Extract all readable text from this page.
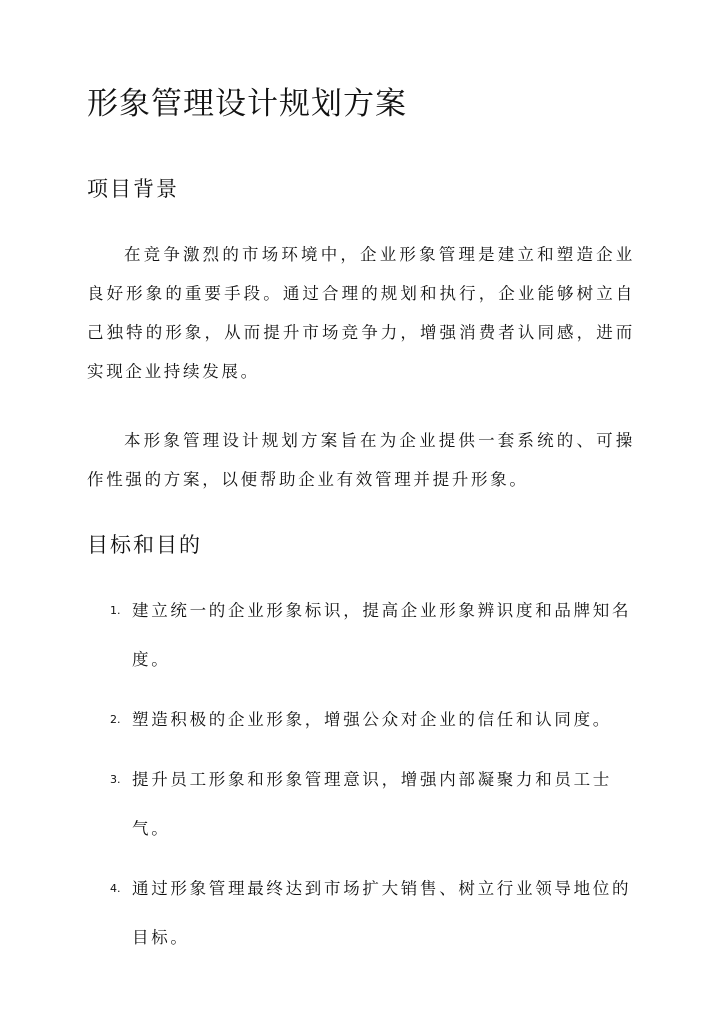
形象管理设计规划方案
项目背景

在竞争激烈的市场环境中，企业形象管理是建立和塑造企业良好形象的重要手段。通过合理的规划和执行，企业能够树立自己独特的形象，从而提升市场竞争力，增强消费者认同感，进而实现企业持续发展。

本形象管理设计规划方案旨在为企业提供一套系统的、可操作性强的方案，以便帮助企业有效管理并提升形象。

目标和目的
1. 建立统一的企业形象标识，提高企业形象辨识度和品牌知名度。
2. 塑造积极的企业形象，增强公众对企业的信任和认同度。
3. 提升员工形象和形象管理意识，增强内部凝聚力和员工士气。
4. 通过形象管理最终达到市场扩大销售、树立行业领导地位的目标。
